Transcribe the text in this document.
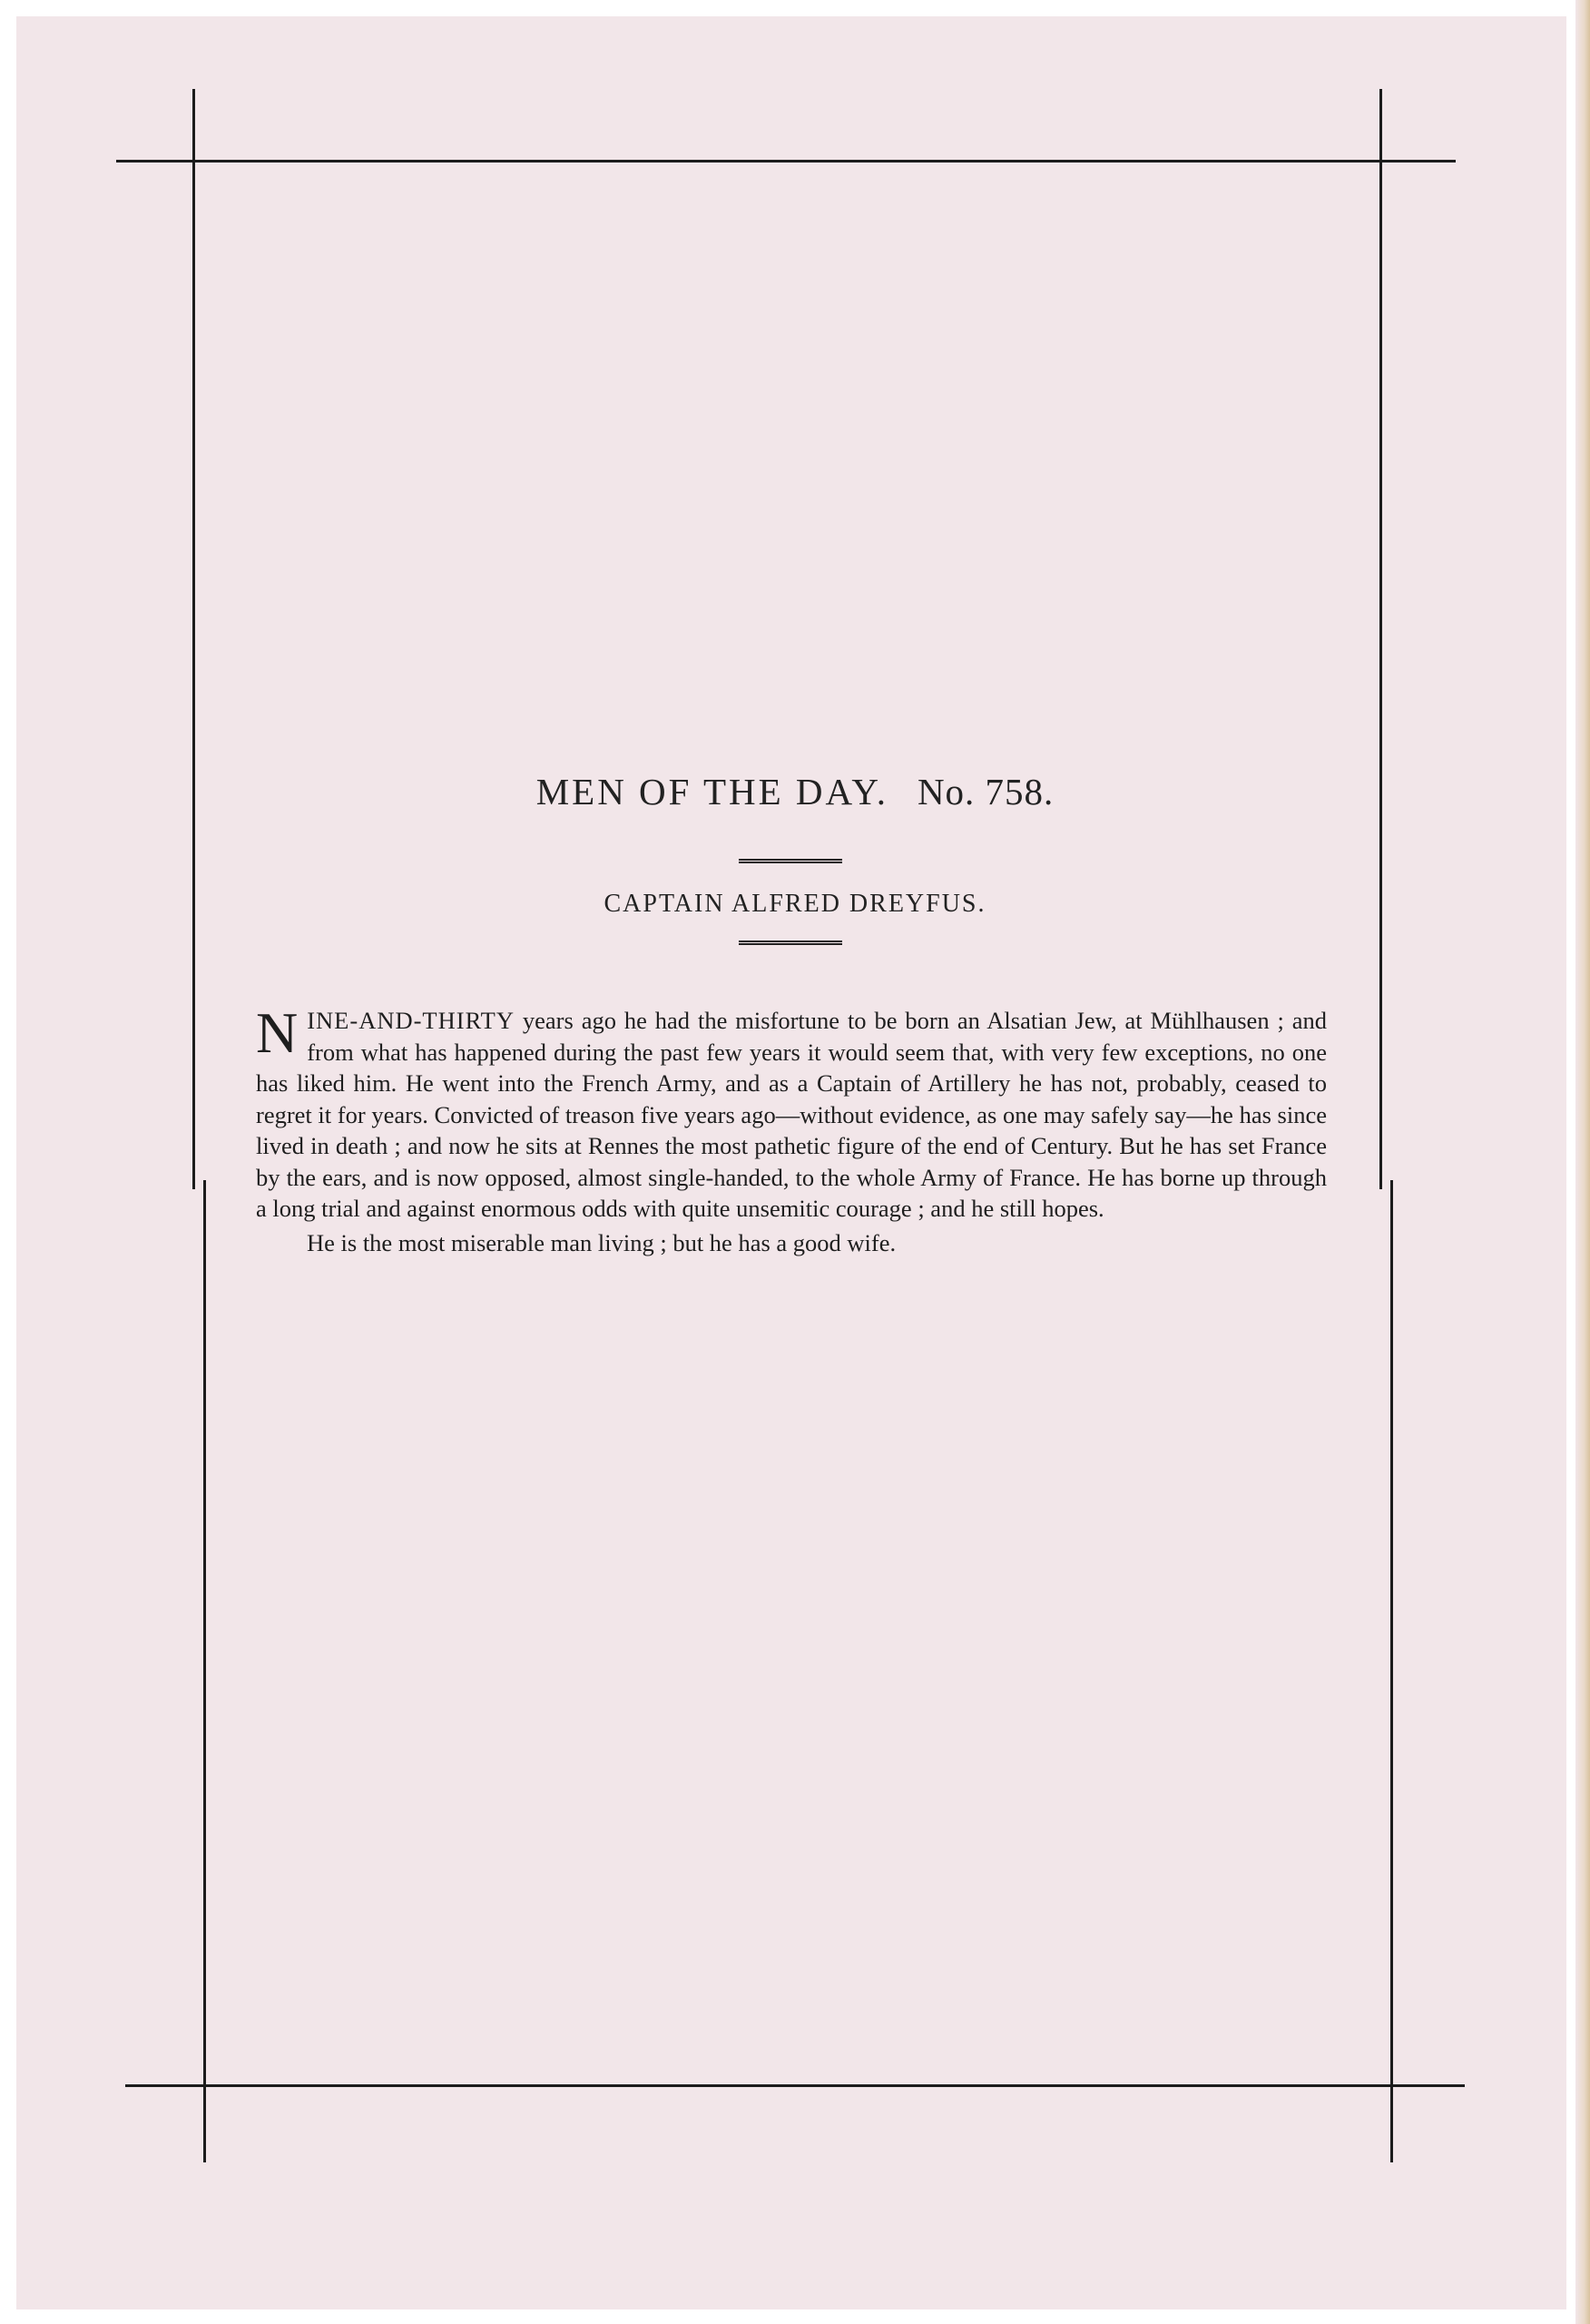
MEN OF THE DAY. No. 758.
CAPTAIN ALFRED DREYFUS.

NINE-AND-THIRTY years ago he had the misfortune to be born an Alsatian Jew, at Mühlhausen ; and from what has happened during the past few years it would seem that, with very few exceptions, no one has liked him. He went into the French Army, and as a Captain of Artillery he has not, probably, ceased to regret it for years. Convicted of treason five years ago—without evidence, as one may safely say—he has since lived in death ; and now he sits at Rennes the most pathetic figure of the end of Century. But he has set France by the ears, and is now opposed, almost single-handed, to the whole Army of France. He has borne up through a long trial and against enormous odds with quite unsemitic courage ; and he still hopes.

He is the most miserable man living ; but he has a good wife.
